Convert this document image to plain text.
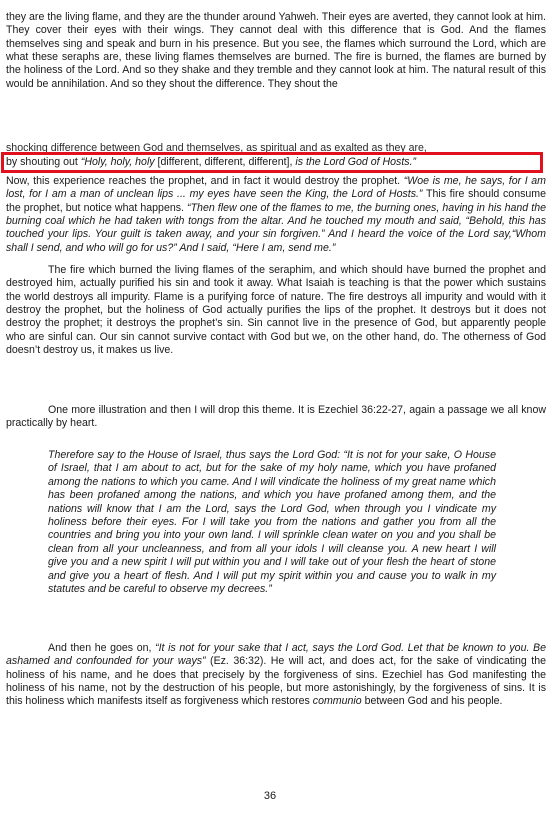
they are the living flame, and they are the thunder around Yahweh. Their eyes are averted, they cannot look at him. They cover their eyes with their wings. They cannot deal with this difference that is God. And the flames themselves sing and speak and burn in his presence. But you see, the flames which surround the Lord, which are what these seraphs are, these living flames themselves are burned. The fire is burned, the flames are burned by the holiness of the Lord. And so they shake and they tremble and they cannot look at him. The natural result of this would be annihilation. And so they shout the difference. They shout the

shocking difference between God and themselves, as spiritual and as exalted as they are,
by shouting out “Holy, holy, holy [different, different, different], is the Lord God of Hosts.”

Now, this experience reaches the prophet, and in fact it would destroy the prophet. “Woe is me, he says, for I am lost, for I am a man of unclean lips ... my eyes have seen the King, the Lord of Hosts.” This fire should consume the prophet, but notice what happens. “Then flew one of the flames to me, the burning ones, having in his hand the burning coal which he had taken with tongs from the altar. And he touched my mouth and said, “Behold, this has touched your lips. Your guilt is taken away, and your sin forgiven.” And I heard the voice of the Lord say,“Whom shall I send, and who will go for us?” And I said, “Here I am, send me.”

The fire which burned the living flames of the seraphim, and which should have burned the prophet and destroyed him, actually purified his sin and took it away. What Isaiah is teaching is that the power which sustains the world destroys all impurity. Flame is a purifying force of nature. The fire destroys all impurity and would with it destroy the prophet, but the holiness of God actually purifies the lips of the prophet. It destroys but it does not destroy the prophet; it destroys the prophet’s sin. Sin cannot live in the presence of God, but apparently people who are sinful can. Our sin cannot survive contact with God but we, on the other hand, do. The otherness of God doesn’t destroy us, it makes us live.

One more illustration and then I will drop this theme. It is Ezechiel 36:22-27, again a passage we all know practically by heart.

Therefore say to the House of Israel, thus says the Lord God: “It is not for your sake, O House of Israel, that I am about to act, but for the sake of my holy name, which you have profaned among the nations to which you came. And I will vindicate the holiness of my great name which has been profaned among the nations, and which you have profaned among them, and the nations will know that I am the Lord, says the Lord God, when through you I vindicate my holiness before their eyes. For I will take you from the nations and gather you from all the countries and bring you into your own land. I will sprinkle clean water on you and you shall be clean from all your uncleanness, and from all your idols I will cleanse you. A new heart I will give you and a new spirit I will put within you and I will take out of your flesh the heart of stone and give you a heart of flesh. And I will put my spirit within you and cause you to walk in my statutes and be careful to observe my decrees.”

And then he goes on, “It is not for your sake that I act, says the Lord God. Let that be known to you. Be ashamed and confounded for your ways” (Ez. 36:32). He will act, and does act, for the sake of vindicating the holiness of his name, and he does that precisely by the forgiveness of sins. Ezechiel has God manifesting the holiness of his name, not by the destruction of his people, but more astonishingly, by the forgiveness of sins. It is this holiness which manifests itself as forgiveness which restores communio between God and his people.

36
